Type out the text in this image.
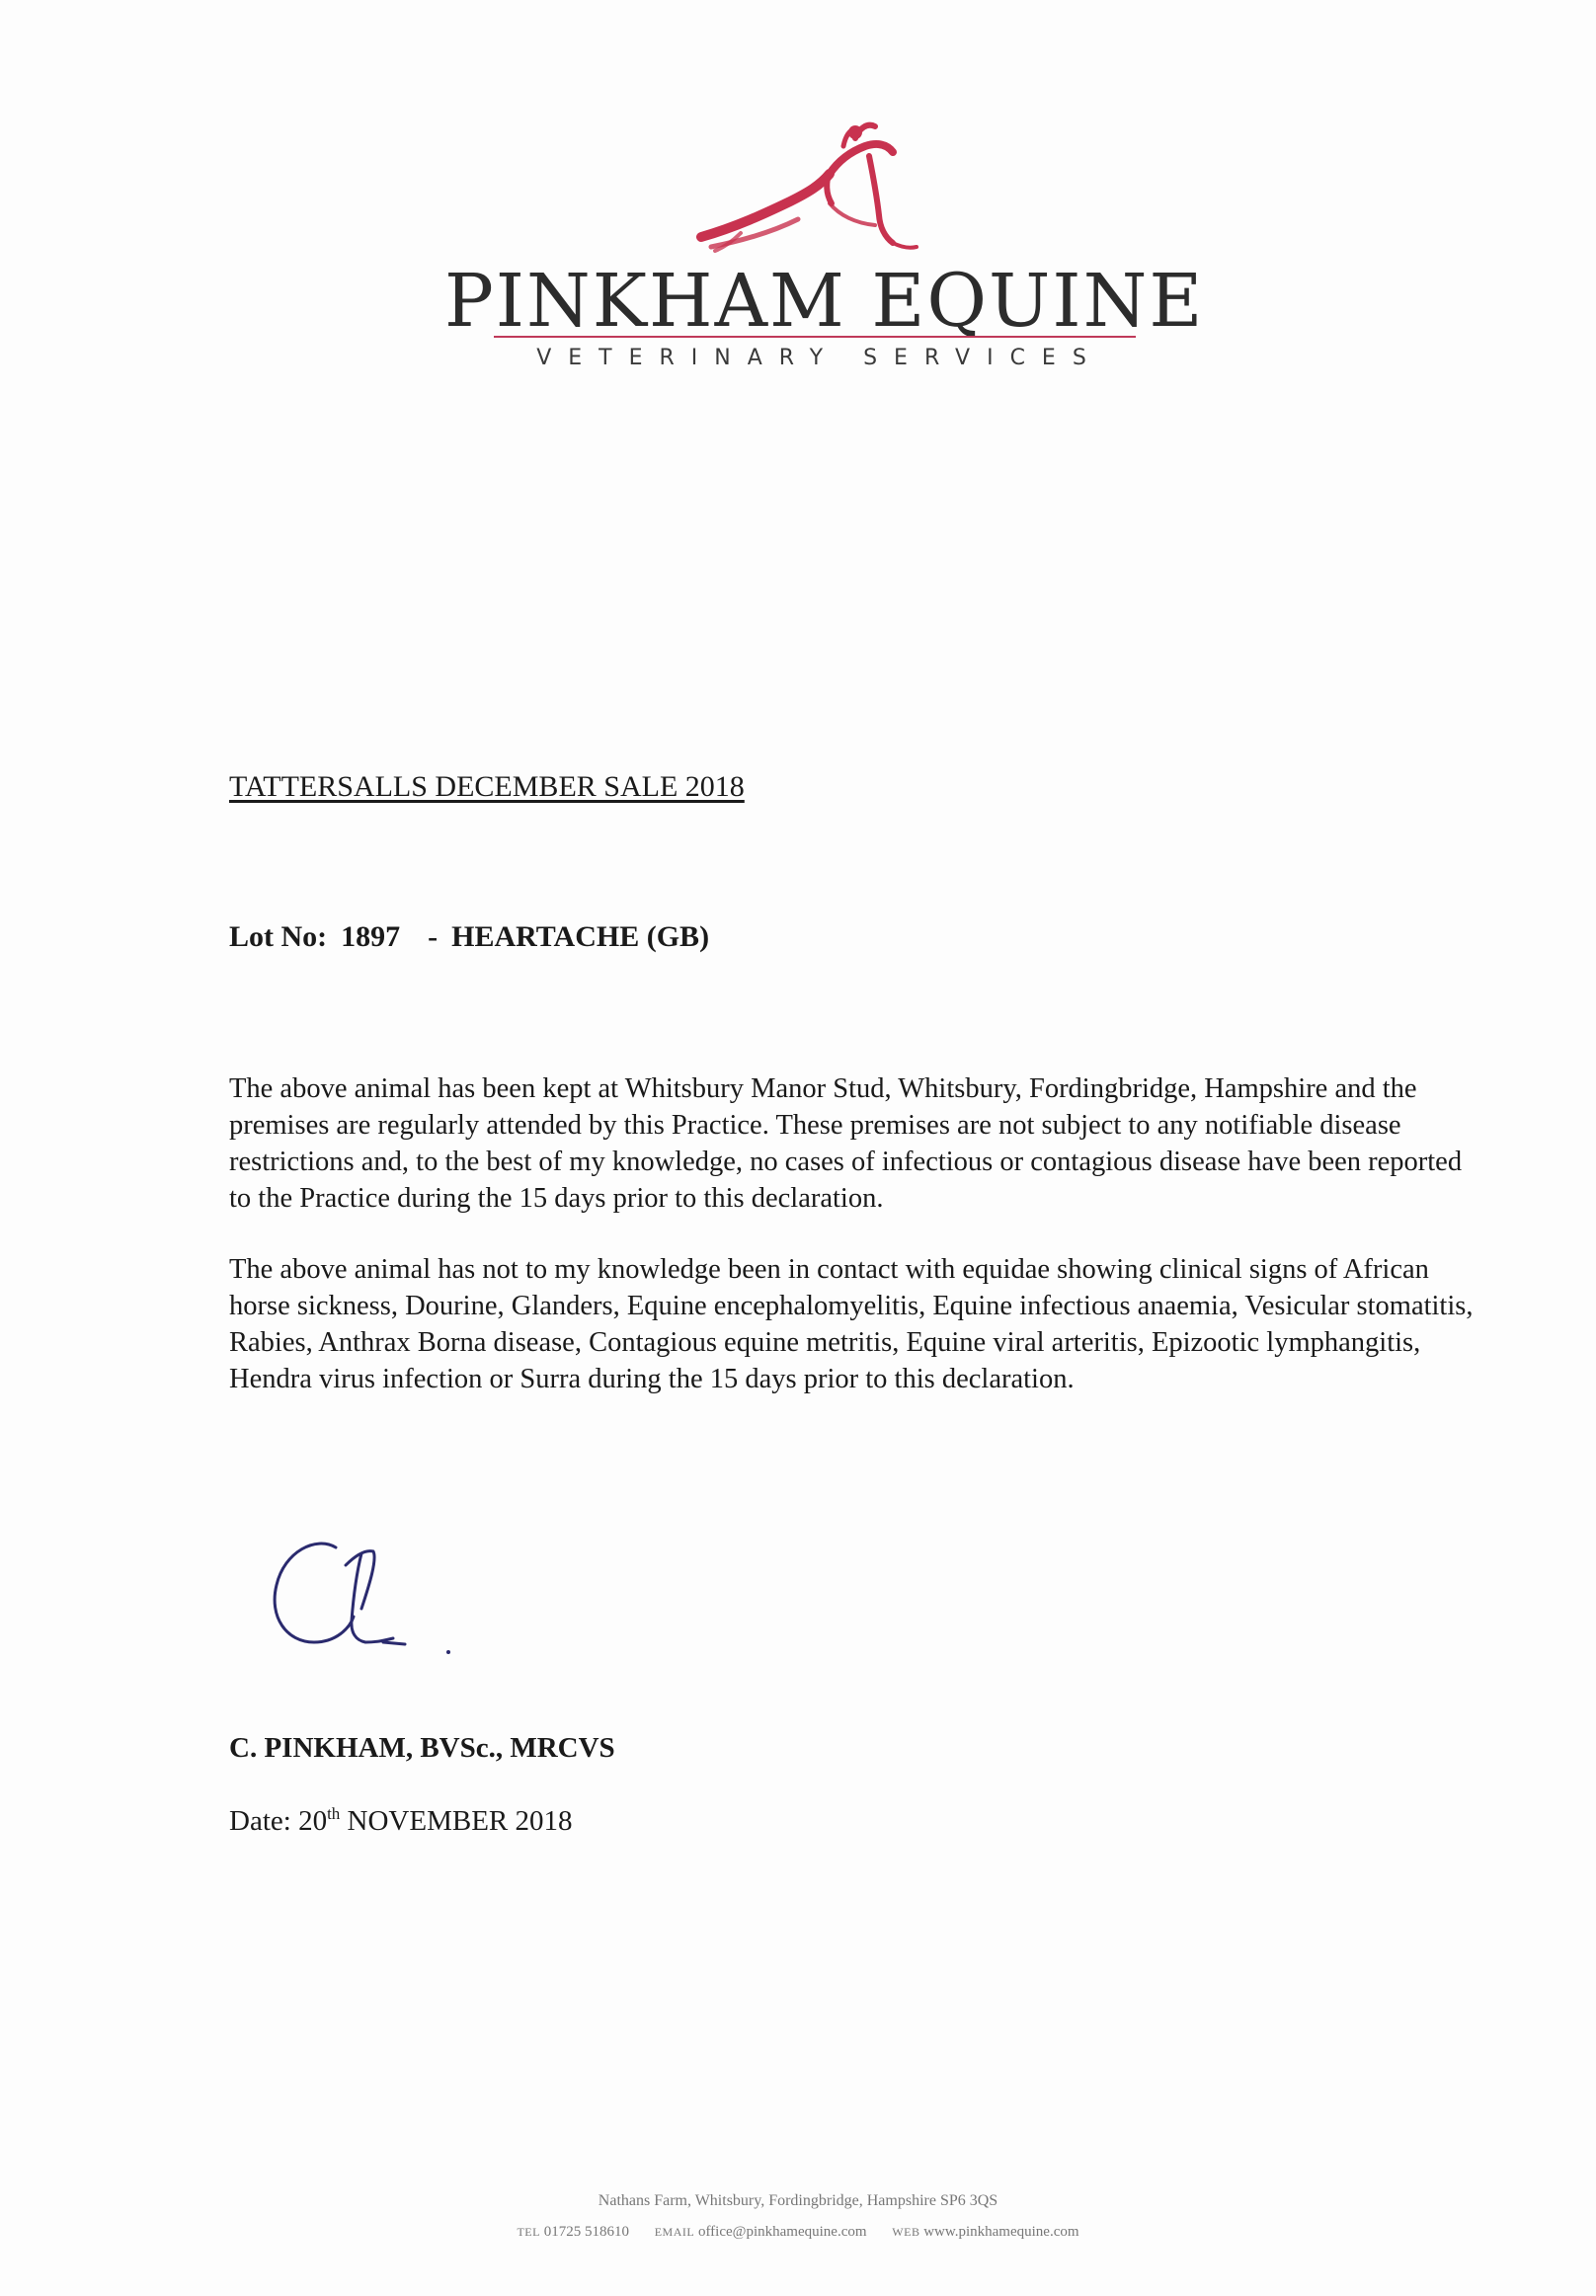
PINKHAM EQUINE
VETERINARY SERVICES
TATTERSALLS DECEMBER SALE 2018
Lot No: 1897 - HEARTACHE (GB)

The above animal has been kept at Whitsbury Manor Stud, Whitsbury, Fordingbridge, Hampshire and the premises are regularly attended by this Practice. These premises are not subject to any notifiable disease restrictions and, to the best of my knowledge, no cases of infectious or contagious disease have been reported to the Practice during the 15 days prior to this declaration.

The above animal has not to my knowledge been in contact with equidae showing clinical signs of African horse sickness, Dourine, Glanders, Equine encephalomyelitis, Equine infectious anaemia, Vesicular stomatitis, Rabies, Anthrax Borna disease, Contagious equine metritis, Equine viral arteritis, Epizootic lymphangitis, Hendra virus infection or Surra during the 15 days prior to this declaration.

C. PINKHAM, BVSc., MRCVS
Date: 20th NOVEMBER 2018
Nathans Farm, Whitsbury, Fordingbridge, Hampshire SP6 3QS
TEL 01725 518610 EMAIL office@pinkhamequine.com WEB www.pinkhamequine.com
